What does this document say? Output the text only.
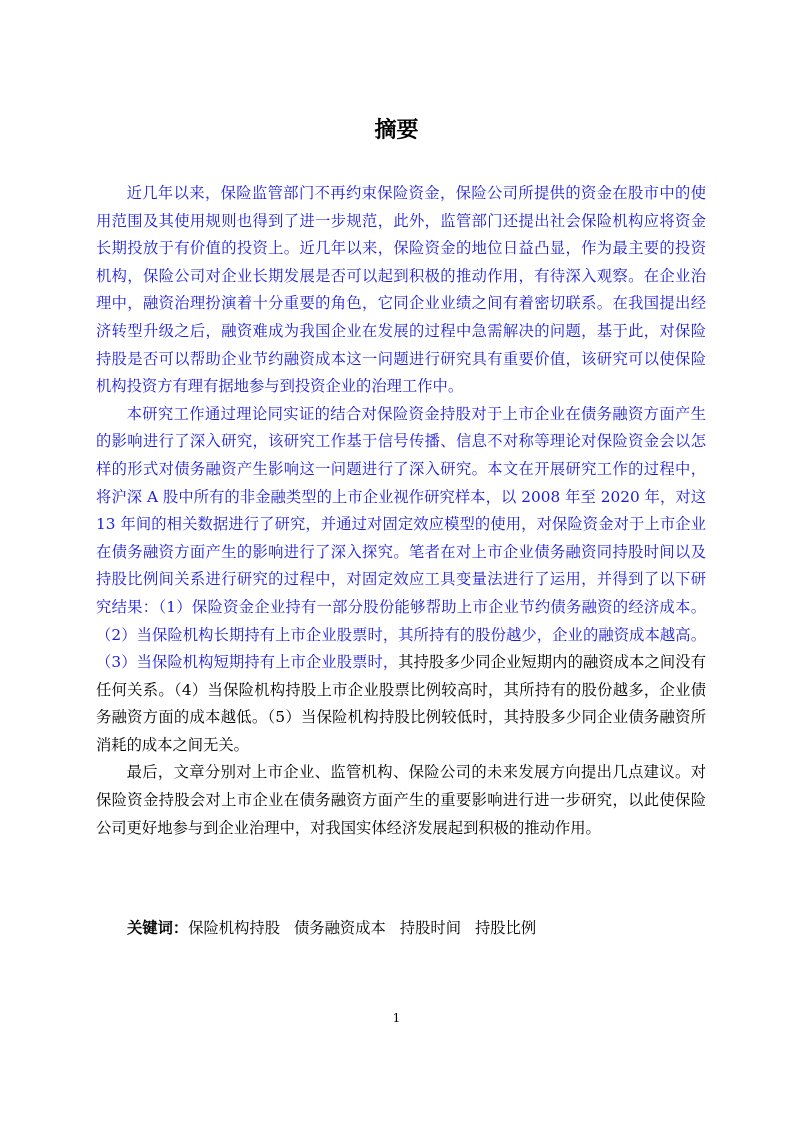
摘要

近几年以来，保险监管部门不再约束保险资金，保险公司所提供的资金在股市中的使用范围及其使用规则也得到了进一步规范，此外，监管部门还提出社会保险机构应将资金长期投放于有价值的投资上。近几年以来，保险资金的地位日益凸显，作为最主要的投资机构，保险公司对企业长期发展是否可以起到积极的推动作用，有待深入观察。在企业治理中，融资治理扮演着十分重要的角色，它同企业业绩之间有着密切联系。在我国提出经济转型升级之后，融资难成为我国企业在发展的过程中急需解决的问题，基于此，对保险持股是否可以帮助企业节约融资成本这一问题进行研究具有重要价值，该研究可以使保险机构投资方有理有据地参与到投资企业的治理工作中。

本研究工作通过理论同实证的结合对保险资金持股对于上市企业在债务融资方面产生的影响进行了深入研究，该研究工作基于信号传播、信息不对称等理论对保险资金会以怎样的形式对债务融资产生影响这一问题进行了深入研究。本文在开展研究工作的过程中，将沪深 A 股中所有的非金融类型的上市企业视作研究样本，以 2008 年至 2020 年，对这 13 年间的相关数据进行了研究，并通过对固定效应模型的使用，对保险资金对于上市企业在债务融资方面产生的影响进行了深入探究。笔者在对上市企业债务融资同持股时间以及持股比例间关系进行研究的过程中，对固定效应工具变量法进行了运用，并得到了以下研究结果：（1）保险资金企业持有一部分股份能够帮助上市企业节约债务融资的经济成本。（2）当保险机构长期持有上市企业股票时，其所持有的股份越少，企业的融资成本越高。（3）当保险机构短期持有上市企业股票时，其持股多少同企业短期内的融资成本之间没有任何关系。（4）当保险机构持股上市企业股票比例较高时，其所持有的股份越多，企业债务融资方面的成本越低。（5）当保险机构持股比例较低时，其持股多少同企业债务融资所消耗的成本之间无关。

最后，文章分别对上市企业、监管机构、保险公司的未来发展方向提出几点建议。对保险资金持股会对上市企业在债务融资方面产生的重要影响进行进一步研究，以此使保险公司更好地参与到企业治理中，对我国实体经济发展起到积极的推动作用。

关键词：保险机构持股 债务融资成本 持股时间 持股比例
1
